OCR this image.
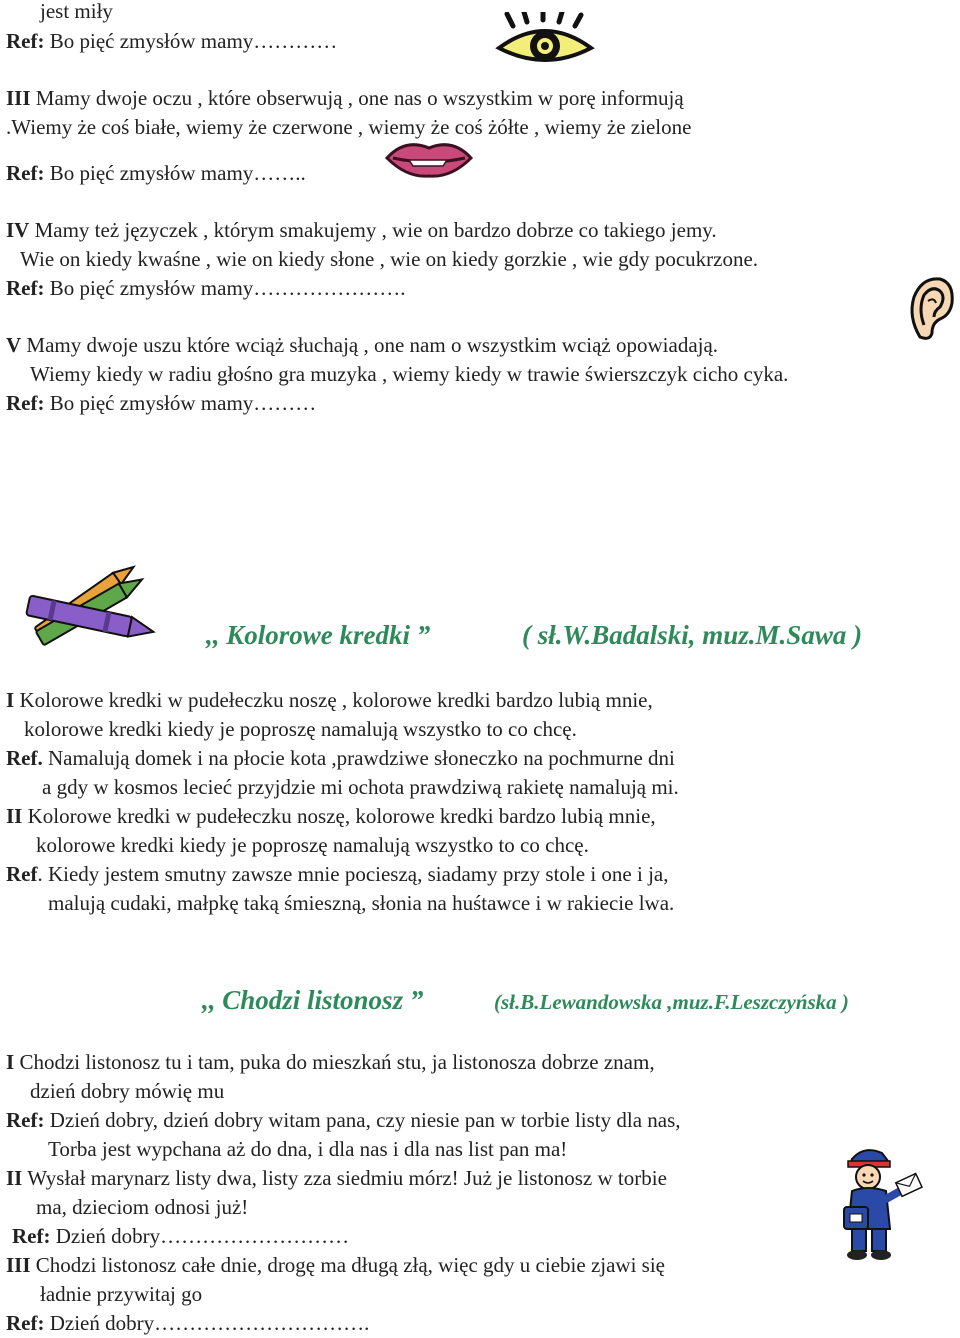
jest miły
Ref: Bo pięć zmysłów mamy…………
III Mamy dwoje oczu , które obserwują , one nas o wszystkim w porę informują
.Wiemy że coś białe, wiemy że czerwone , wiemy że coś żółte , wiemy że zielone
Ref: Bo pięć zmysłów mamy……..
IV Mamy też języczek , którym smakujemy , wie on bardzo dobrze co takiego jemy.
Wie on kiedy kwaśne , wie on kiedy słone , wie on kiedy gorzkie , wie gdy pocukrzone.
Ref: Bo pięć zmysłów mamy………………….
V Mamy dwoje uszu które wciąż słuchają , one nam o wszystkim wciąż opowiadają.
Wiemy kiedy w radiu głośno gra muzyka , wiemy kiedy w trawie świerszczyk cicho cyka.
Ref: Bo pięć zmysłów mamy………
,, Kolorowe kredki ”	( sł.W.Badalski, muz.M.Sawa )
I Kolorowe kredki w pudełeczku noszę , kolorowe kredki bardzo lubią mnie,
kolorowe kredki kiedy je poproszę namalują wszystko to co chcę.
Ref. Namalują domek i na płocie kota ,prawdziwe słoneczko na pochmurne dni
a gdy w kosmos lecieć przyjdzie mi ochota prawdziwą rakietę namalują mi.
II Kolorowe kredki w pudełeczku noszę, kolorowe kredki bardzo lubią mnie,
kolorowe kredki kiedy je poproszę namalują wszystko to co chcę.
Ref. Kiedy jestem smutny zawsze mnie pocieszą, siadamy przy stole i one i ja,
malują cudaki, małpkę taką śmieszną, słonia na huśtawce i w rakiecie lwa.
,, Chodzi listonosz ”	(sł.B.Lewandowska ,muz.F.Leszczyńska )
I Chodzi listonosz tu i tam, puka do mieszkań stu, ja listonosza dobrze znam,
dzień dobry mówię mu
Ref: Dzień dobry, dzień dobry witam pana, czy niesie pan w torbie listy dla nas,
Torba jest wypchana aż do dna, i dla nas i dla nas list pan ma!
II Wysłał marynarz listy dwa, listy zza siedmiu mórz! Już je listonosz w torbie
ma, dzieciom odnosi już!
Ref: Dzień dobry………………………
III Chodzi listonosz całe dnie, drogę ma długą złą, więc gdy u ciebie zjawi się
ładnie przywitaj go
Ref: Dzień dobry………………………….
